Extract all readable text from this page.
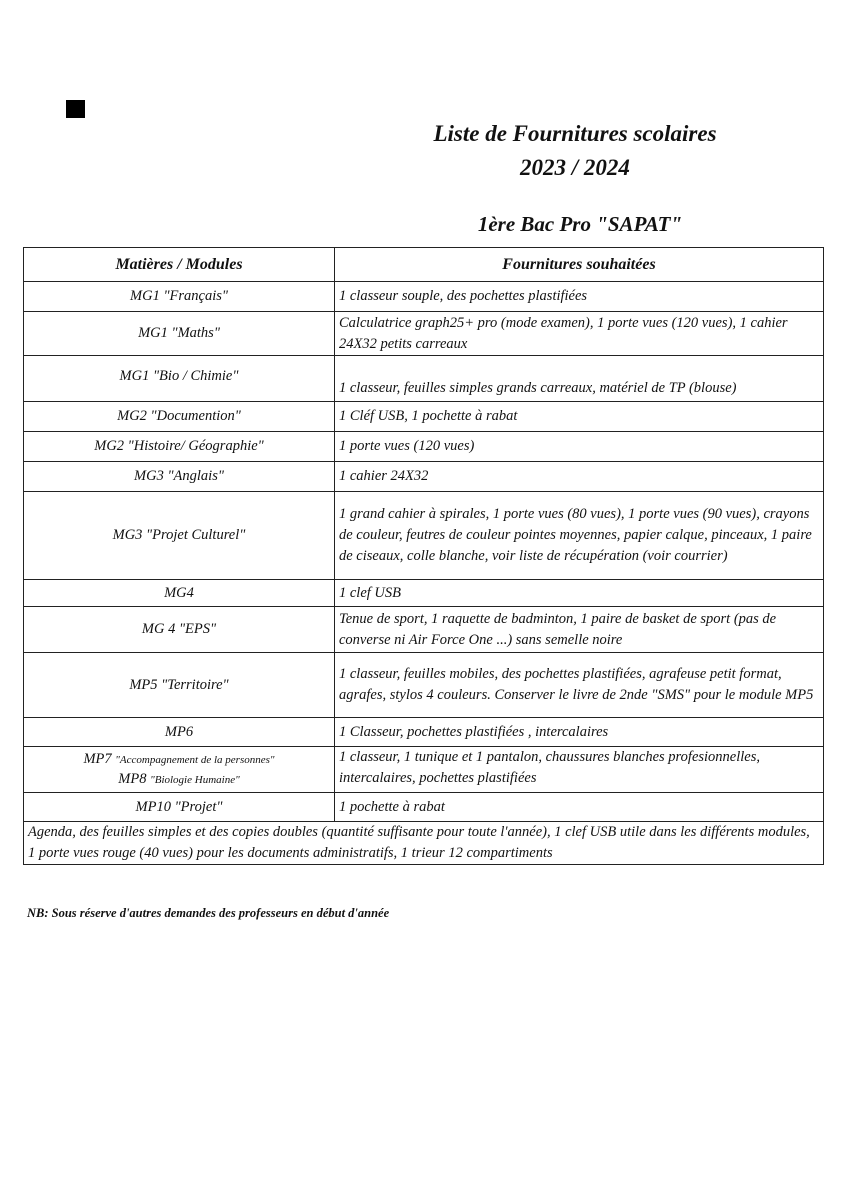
Liste de Fournitures scolaires
2023 / 2024
1ère Bac Pro "SAPAT"
Matières / Modules	Fournitures souhaitées
MG1 "Français"	1 classeur souple, des pochettes plastifiées
MG1 "Maths"	Calculatrice graph25+ pro (mode examen), 1 porte vues (120 vues), 1 cahier 24X32 petits carreaux
MG1 "Bio / Chimie"	1 classeur, feuilles simples grands carreaux, matériel de TP (blouse)
MG2 "Documention"	1 Cléf USB, 1 pochette à rabat
MG2 "Histoire/ Géographie"	1 porte vues (120 vues)
MG3 "Anglais"	1 cahier 24X32
MG3 "Projet Culturel"	1 grand cahier à spirales, 1 porte vues (80 vues), 1 porte vues (90 vues), crayons de couleur, feutres de couleur pointes moyennes, papier calque, pinceaux, 1 paire de ciseaux, colle blanche, voir liste de récupération (voir courrier)
MG4	1 clef USB
MG 4 "EPS"	Tenue de sport, 1 raquette de badminton, 1 paire de basket de sport (pas de converse ni Air Force One ...) sans semelle noire
MP5 "Territoire"	1 classeur, feuilles mobiles, des pochettes plastifiées, agrafeuse petit format, agrafes, stylos 4 couleurs. Conserver le livre de 2nde "SMS" pour le module MP5
MP6	1 Classeur, pochettes plastifiées , intercalaires

MP7 "Accompagnement de la personnes"
MP8 "Biologie Humaine"	1 classeur, 1 tunique et 1 pantalon, chaussures blanches profesionnelles, intercalaires, pochettes plastifiées
MP10 "Projet"	1 pochette à rabat
Agenda, des feuilles simples et des copies doubles (quantité suffisante pour toute l'année), 1 clef USB utile dans les différents modules, 1 porte vues rouge (40 vues) pour les documents administratifs, 1 trieur 12 compartiments	
NB: Sous réserve d'autres demandes des professeurs en début d'année
